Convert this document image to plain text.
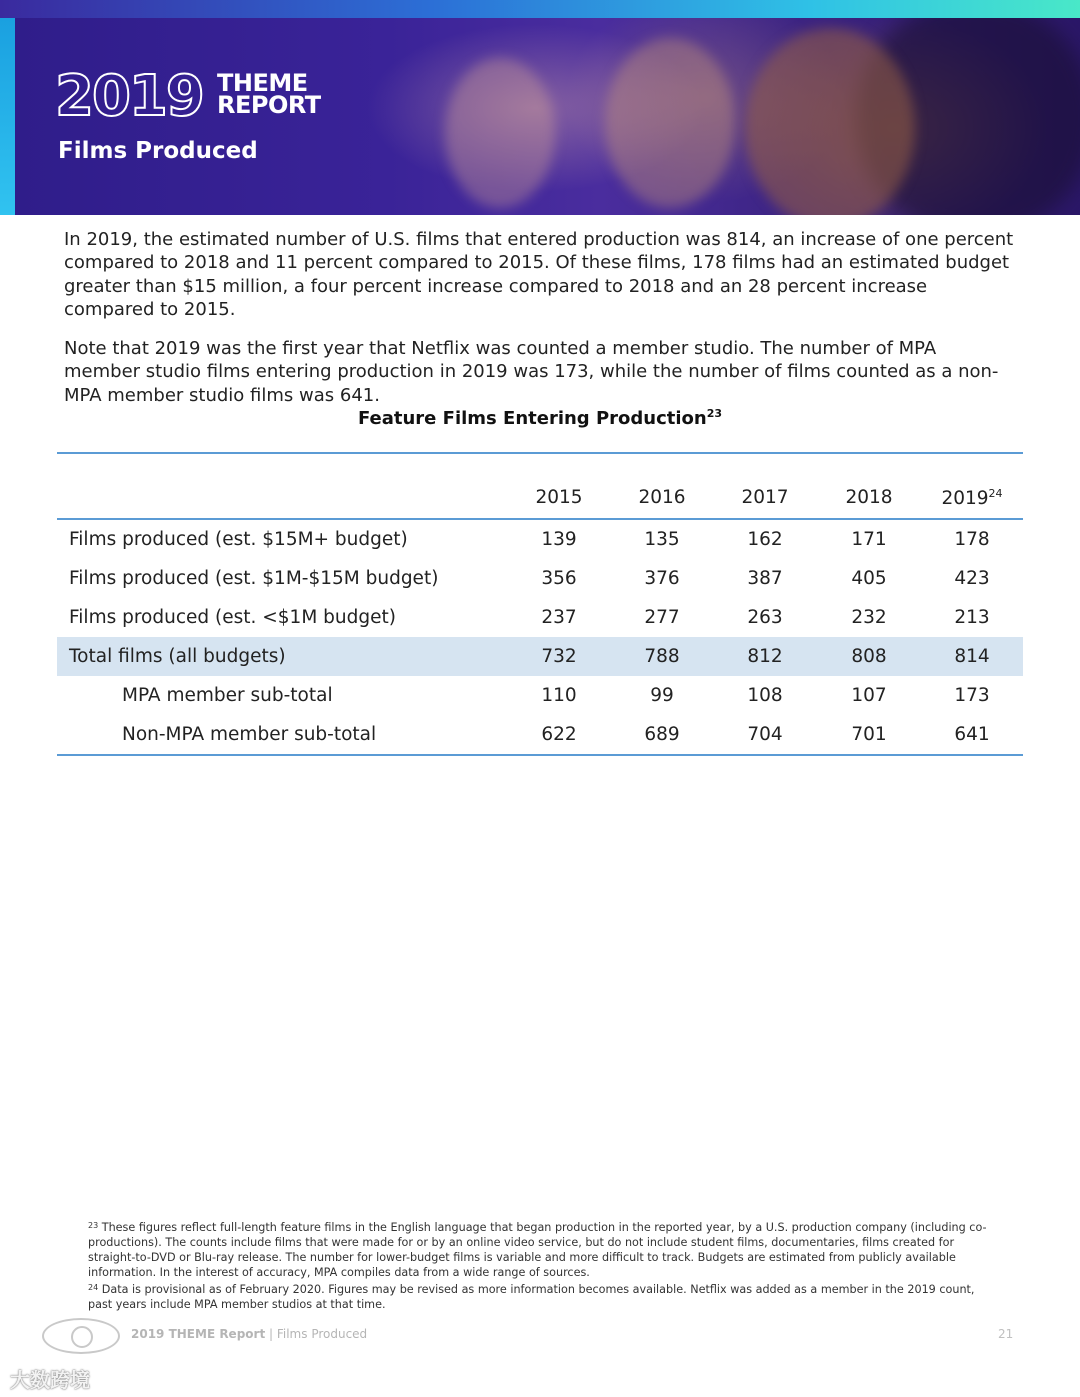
2019 THEME
REPORT
Films Produced
In 2019, the estimated number of U.S. films that entered production was 814, an increase of one percent compared to 2018 and 11 percent compared to 2015. Of these films, 178 films had an estimated budget greater than $15 million, a four percent increase compared to 2018 and an 28 percent increase compared to 2015.
Note that 2019 was the first year that Netflix was counted a member studio. The number of MPA member studio films entering production in 2019 was 173, while the number of films counted as a non-MPA member studio films was 641.
Feature Films Entering Production$^{23}$
2015	2016	2017	2018	2019$^{24}$
Films produced (est. $15M+ budget)	139	135	162	171	178
Films produced (est. $1M-$15M budget)	356	376	387	405	423
Films produced (est. <$1M budget)	237	277	263	232	213
Total films (all budgets)	732	788	812	808	814
MPA member sub-total	110	99	108	107	173
Non-MPA member sub-total	622	689	704	701	641

$^{23}$ These figures reflect full-length feature films in the English language that began production in the reported year, by a U.S. production company (including co-productions). The counts include films that were made for or by an online video service, but do not include student films, documentaries, films created for straight-to-DVD or Blu-ray release. The number for lower-budget films is variable and more difficult to track. Budgets are estimated from publicly available information. In the interest of accuracy, MPA compiles data from a wide range of sources.

$^{24}$ Data is provisional as of February 2020. Figures may be revised as more information becomes available. Netflix was added as a member in the 2019 count, past years include MPA member studios at that time.

2019 THEME Report | Films Produced	21
大数跨境
